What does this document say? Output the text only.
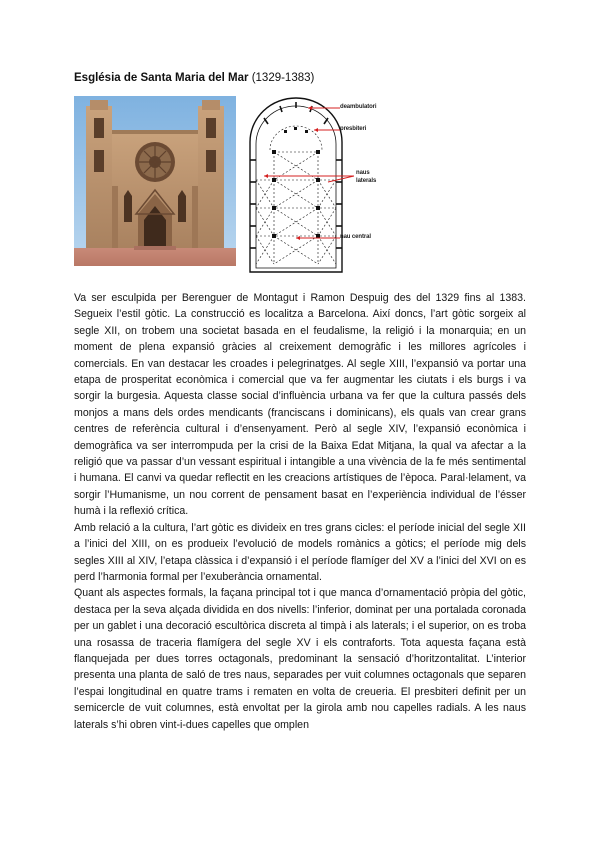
Església de Santa Maria del Mar (1329-1383)
deambulatori
presbiteri
naus
laterals
nau central

Va ser esculpida per Berenguer de Montagut i Ramon Despuig des del 1329 fins al 1383. Segueix l’estil gòtic. La construcció es localitza a Barcelona. Així doncs, l’art gòtic sorgeix al segle XII, on trobem una societat basada en el feudalisme, la religió i la monarquia; en un moment de plena expansió gràcies al creixement demogràfic i les millores agrícoles i comercials. En van destacar les croades i pelegrinatges. Al segle XIII, l’expansió va portar una etapa de prosperitat econòmica i comercial que va fer augmentar les ciutats i els burgs i va sorgir la burgesia. Aquesta classe social d’influència urbana va fer que la cultura passés dels monjos a mans dels ordes mendicants (franciscans i dominicans), els quals van crear grans centres de referència cultural i d’ensenyament. Però al segle XIV, l’expansió econòmica i demogràfica va ser interrompuda per la crisi de la Baixa Edat Mitjana, la qual va afectar a la religió que va passar d’un vessant espiritual i intangible a una vivència de la fe més sentimental i humana. El canvi va quedar reflectit en les creacions artístiques de l’època. Paral·lelament, va sorgir l’Humanisme, un nou corrent de pensament basat en l’experiència individual de l’ésser humà i la reflexió crítica.

Amb relació a la cultura, l’art gòtic es divideix en tres grans cicles: el període inicial del segle XII a l’inici del XIII, on es produeix l’evolució de models romànics a gòtics; el període mig dels segles XIII al XIV, l’etapa clàssica i d’expansió i el període flamíger del XV a l’inici del XVI on es perd l’harmonia formal per l’exuberància ornamental.

Quant als aspectes formals, la façana principal tot i que manca d’ornamentació pròpia del gòtic, destaca per la seva alçada dividida en dos nivells: l’inferior, dominat per una portalada coronada per un gablet i una decoració escultòrica discreta al timpà i als laterals; i el superior, on es troba una rosassa de traceria flamígera del segle XV i els contraforts. Tota aquesta façana està flanquejada per dues torres octagonals, predominant la sensació d’horitzontalitat. L’interior presenta una planta de saló de tres naus, separades per vuit columnes octagonals que separen l’espai longitudinal en quatre trams i rematen en volta de creueria. El presbiteri definit per un semicercle de vuit columnes, està envoltat per la girola amb nou capelles radials. A les naus laterals s’hi obren vint-i-dues capelles que omplen
